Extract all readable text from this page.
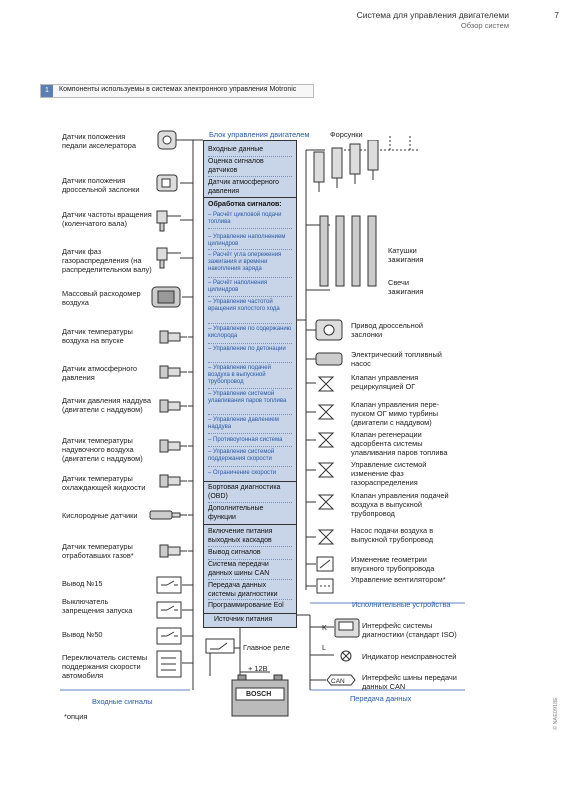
Система для управления двигателеми
Обзор систем
7
1	Компоненты используемы в системах электронного управления Motronic
Блок управления двигателем
Входные данные
Оценка сигналов датчиков
Датчик атмосферного давления
Обработка сигналов:
– Расчёт цикловой подачи топлива
– Управление наполнением цилиндров
– Расчёт угла опережения зажигания и времени накопления заряда
– Расчёт наполнения цилиндров
– Управление частотой вращения холостого хода
– Управление по содержанию кислорода
– Управление по детонации
– Управление подачей воздуха в выпускной трубопровод
– Управление системой улавливания паров топлива
– Управление давлением наддува
– Противоугонная система
– Управление системой поддержания скорости
– Ограничение скорости
Бортовая диагностика (OBD)
Дополнительные функции
Включение питания выходных каскадов
Вывод сигналов
Система передачи данных шины CAN
Передача данных системы диагностики
Программирование Eol
Источник питания
Датчик положения педали акселератора
Датчик положения дроссельной заслонки
Датчик частоты вращения (коленчатого вала)
Датчик фаз газораспределения (на распределительном валу)
Массовый расходомер воздуха
Датчик температуры воздуха на впуске
Датчик атмосферного давления
Датчик давления наддува (двигатели с наддувом)
Датчик температуры надувочного воздуха (двигатели с наддувом)
Датчик температуры охлаждающей жидкости
Кислородные датчики
Датчик температуры отработавших газов*
Вывод №15
Выключатель запрещения запуска
Вывод №50
Переключатель системы поддержания скорости автомобиля
Форсунки
Катушки зажигания
Свечи зажигания
Привод дроссельной заслонки
Электрический топливный насос
Клапан управления рециркуляцией ОГ
Клапан управления пере-пуском ОГ мимо турбины (двигатели с наддувом)
Клапан регенерации адсорбента системы улавливания паров топлива
Управление системой изменение фаз газораспределения
Клапан управления подачей воздуха в выпускной трубопровод
Насос подачи воздуха в выпускной трубопровод
Изменение геометрии впускного трубопровода
Управление вентилятором*
Исполнительные устройства
K	Интерфейс системы диагностики (стандарт ISO)
L
Индикатор неисправностей
CAN Интерфейс шины передачи данных CAN
Передача данных
Главное реле
+ 12В
BOSCH
Входные сигналы
*опция	© NAE0918E
